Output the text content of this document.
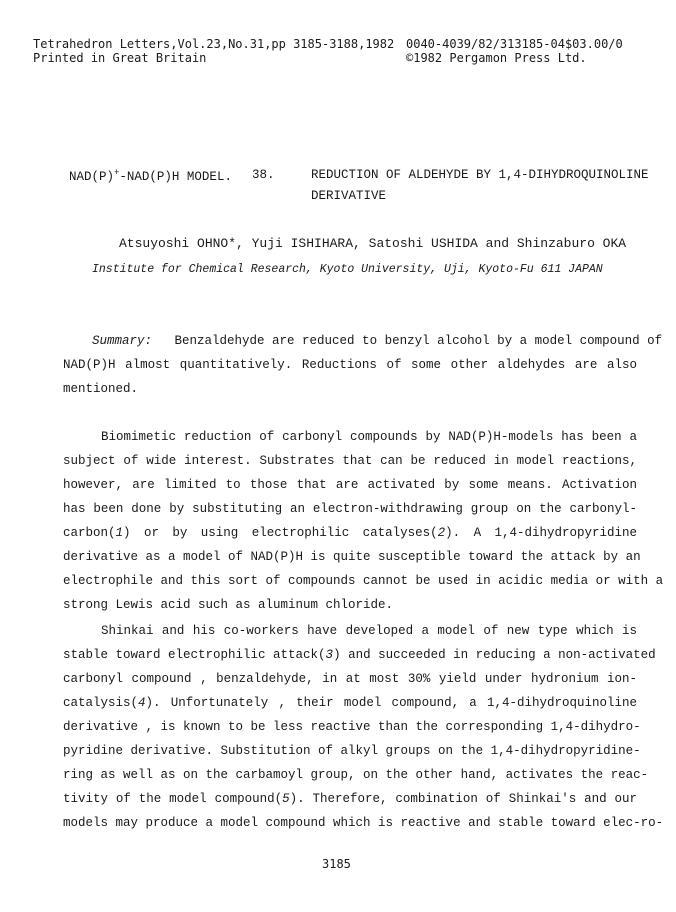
Tetrahedron Letters,Vol.23,No.31,pp 3185-3188,1982 0040-4039/82/313185-04$03.00/0
Printed in Great Britain	©1982 Pergamon Press Ltd.
NAD(P)+-NAD(P)H MODEL. 38.	REDUCTION OF ALDEHYDE BY 1,4-DIHYDROQUINOLINE
DERIVATIVE
Atsuyoshi OHNO*, Yuji ISHIHARA, Satoshi USHIDA and Shinzaburo OKA
Institute for Chemical Research, Kyoto University, Uji, Kyoto-Fu 611 JAPAN
Summary: Benzaldehyde are reduced to benzyl alcohol by a model compound of
NAD(P)H almost quantitatively. Reductions of some other aldehydes are also
mentioned.
Biomimetic reduction of carbonyl compounds by NAD(P)H-models has been a
subject of wide interest. Substrates that can be reduced in model reactions,
however, are limited to those that are activated by some means. Activation
has been done by substituting an electron-withdrawing group on the carbonyl-
carbon(1) or by using electrophilic catalyses(2). A 1,4-dihydropyridine
derivative as a model of NAD(P)H is quite susceptible toward the attack by an
electrophile and this sort of compounds cannot be used in acidic media or with a
strong Lewis acid such as aluminum chloride.
Shinkai and his co-workers have developed a model of new type which is
stable toward electrophilic attack(3) and succeeded in reducing a non-activated
carbonyl compound , benzaldehyde, in at most 30% yield under hydronium ion-
catalysis(4). Unfortunately , their model compound, a 1,4-dihydroquinoline
derivative , is known to be less reactive than the corresponding 1,4-dihydro-
pyridine derivative. Substitution of alkyl groups on the 1,4-dihydropyridine-
ring as well as on the carbamoyl group, on the other hand, activates the reac-
tivity of the model compound(5). Therefore, combination of Shinkai's and our
models may produce a model compound which is reactive and stable toward elec-ro-
3185
